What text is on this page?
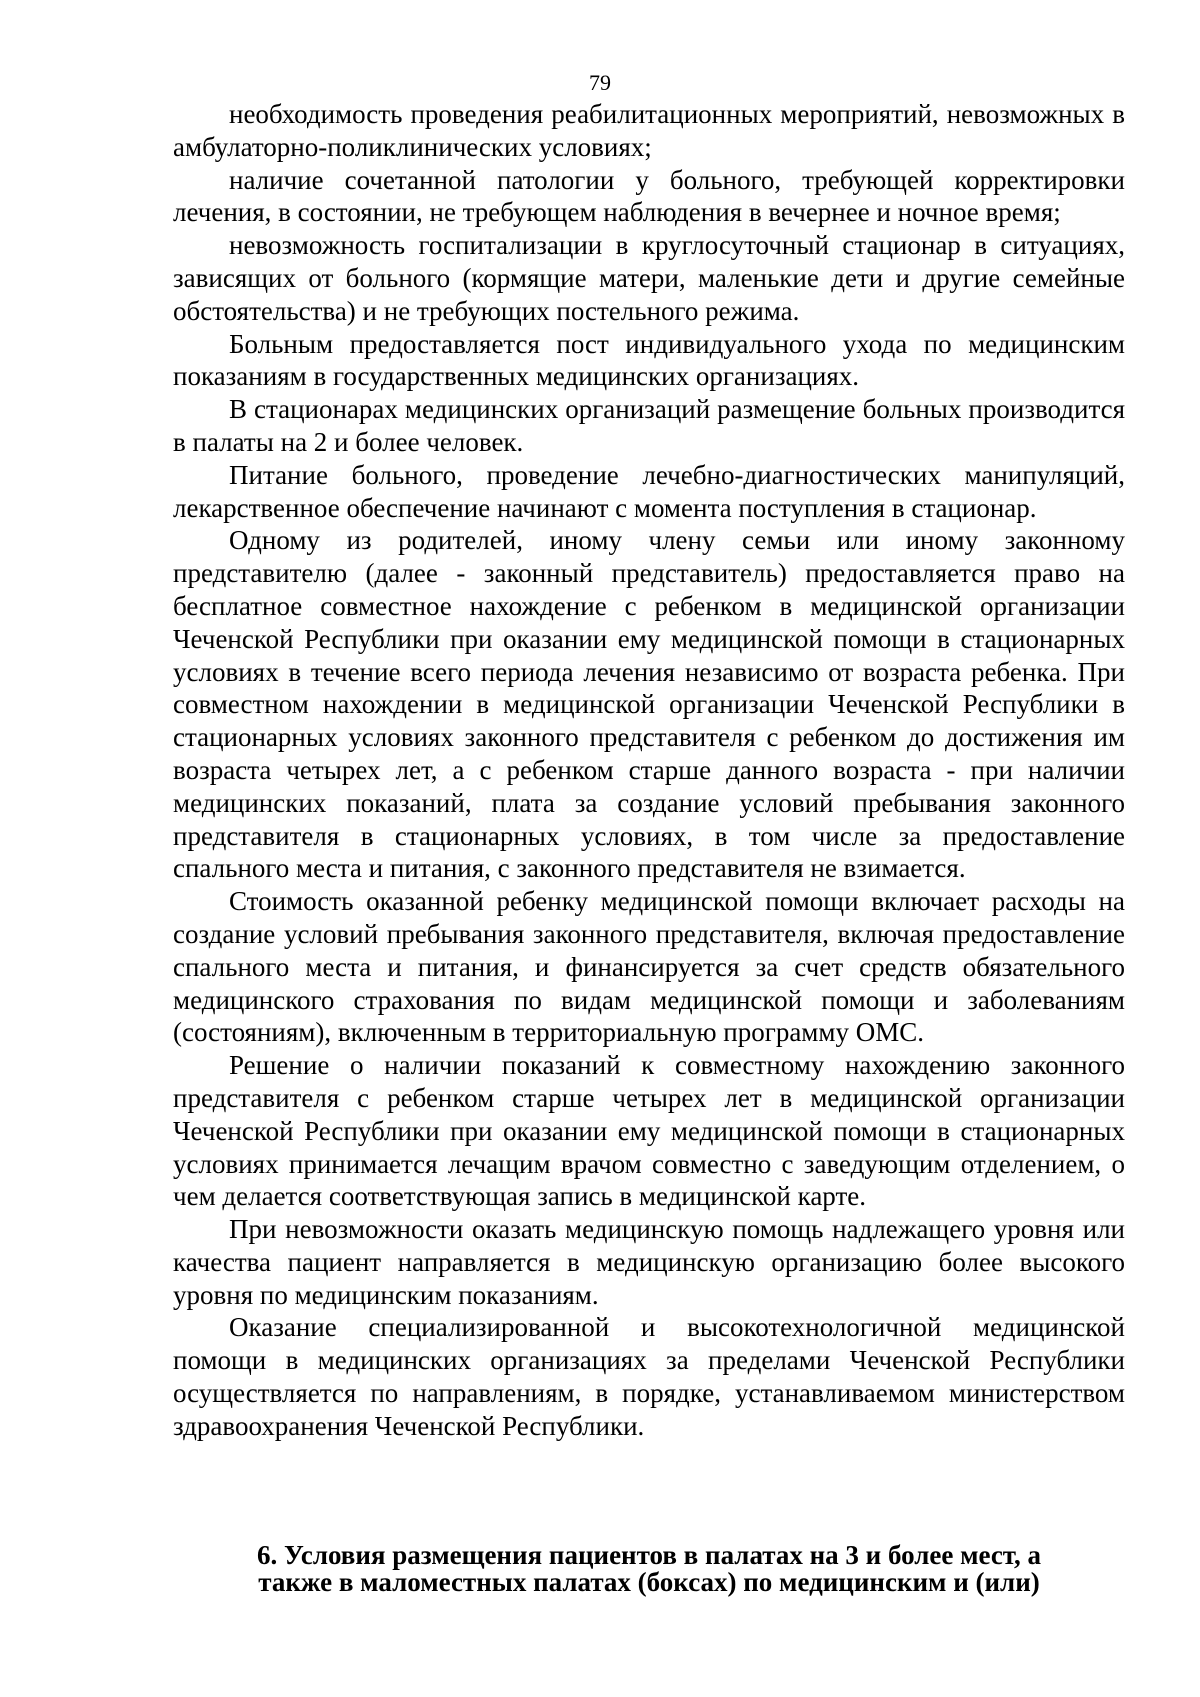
79

необходимость проведения реабилитационных мероприятий, невозможных в амбулаторно-поликлинических условиях;

наличие сочетанной патологии у больного, требующей корректировки лечения, в состоянии, не требующем наблюдения в вечернее и ночное время;

невозможность госпитализации в круглосуточный стационар в ситуациях, зависящих от больного (кормящие матери, маленькие дети и другие семейные обстоятельства) и не требующих постельного режима.

Больным предоставляется пост индивидуального ухода по медицинским показаниям в государственных медицинских организациях.

В стационарах медицинских организаций размещение больных производится в палаты на 2 и более человек.

Питание больного, проведение лечебно-диагностических манипуляций, лекарственное обеспечение начинают с момента поступления в стационар.

Одному из родителей, иному члену семьи или иному законному представителю (далее - законный представитель) предоставляется право на бесплатное совместное нахождение с ребенком в медицинской организации Чеченской Республики при оказании ему медицинской помощи в стационарных условиях в течение всего периода лечения независимо от возраста ребенка. При совместном нахождении в медицинской организации Чеченской Республики в стационарных условиях законного представителя с ребенком до достижения им возраста четырех лет, а с ребенком старше данного возраста - при наличии медицинских показаний, плата за создание условий пребывания законного представителя в стационарных условиях, в том числе за предоставление спального места и питания, с законного представителя не взимается.

Стоимость оказанной ребенку медицинской помощи включает расходы на создание условий пребывания законного представителя, включая предоставление спального места и питания, и финансируется за счет средств обязательного медицинского страхования по видам медицинской помощи и заболеваниям (состояниям), включенным в территориальную программу ОМС.

Решение о наличии показаний к совместному нахождению законного представителя с ребенком старше четырех лет в медицинской организации Чеченской Республики при оказании ему медицинской помощи в стационарных условиях принимается лечащим врачом совместно с заведующим отделением, о чем делается соответствующая запись в медицинской карте.

При невозможности оказать медицинскую помощь надлежащего уровня или качества пациент направляется в медицинскую организацию более высокого уровня по медицинским показаниям.

Оказание специализированной и высокотехнологичной медицинской помощи в медицинских организациях за пределами Чеченской Республики осуществляется по направлениям, в порядке, устанавливаемом министерством здравоохранения Чеченской Республики.

6. Условия размещения пациентов в палатах на 3 и более мест, а
также в маломестных палатах (боксах) по медицинским и (или)
